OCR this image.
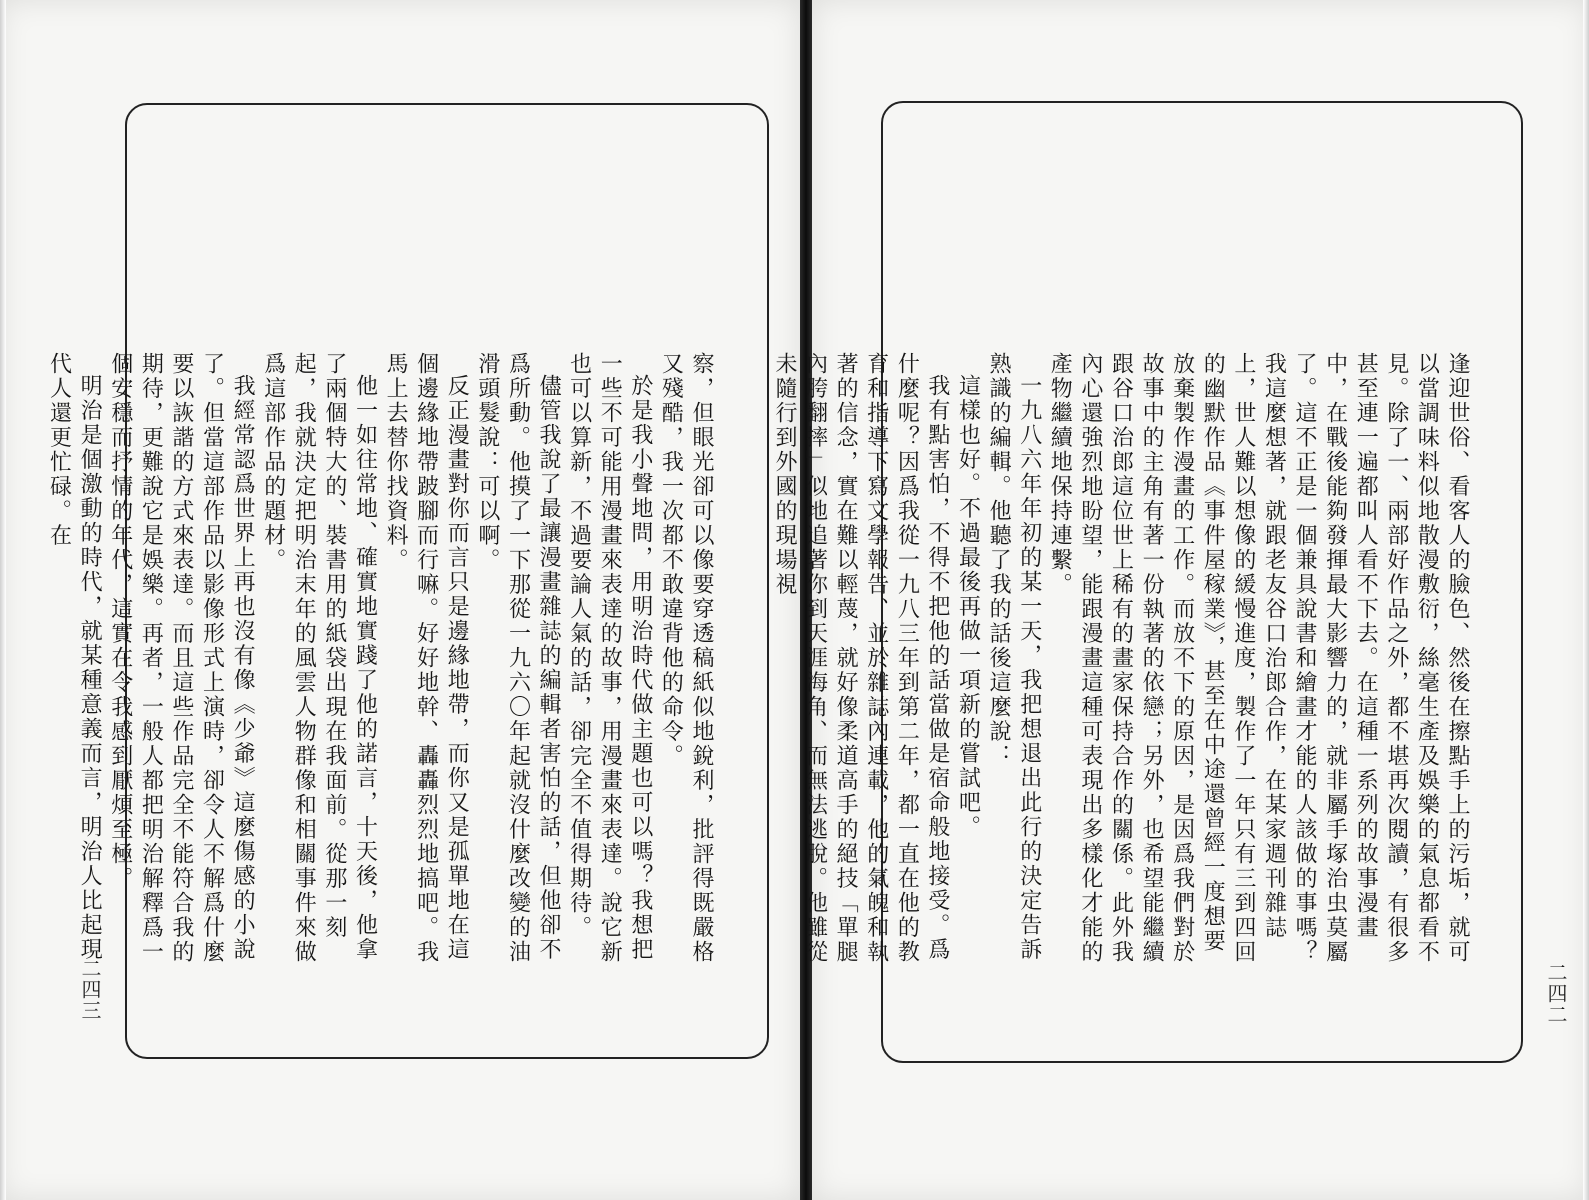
察，但眼光卻可以像要穿透稿紙似地銳利，批評得既嚴格又殘酷，我一次都不敢違背他的命令。

於是我小聲地問，用明治時代做主題也可以嗎？我想把一些不可能用漫畫來表達的故事，用漫畫來表達。說它新也可以算新，不過要論人氣的話，卻完全不值得期待。

儘管我說了最讓漫畫雜誌的編輯者害怕的話，但他卻不爲所動。他摸了一下那從一九六〇年起就沒什麼改變的油滑頭髮說：可以啊。

反正漫畫對你而言只是邊緣地帶，而你又是孤單地在這個邊緣地帶跛腳而行嘛。好好地幹、轟轟烈烈地搞吧。我馬上去替你找資料。

他一如往常地、確實地實踐了他的諾言，十天後，他拿了兩個特大的、裝書用的紙袋出現在我面前。從那一刻起，我就決定把明治末年的風雲人物群像和相關事件來做爲這部作品的題材。

我經常認爲世界上再也沒有像《少爺》這麼傷感的小說了。但當這部作品以影像形式上演時，卻令人不解爲什麼要以詼諧的方式來表達。而且這些作品完全不能符合我的期待，更難說它是娛樂。再者，一般人都把明治解釋爲一個安穩而抒情的年代，這實在令我感到厭煩至極。

明治是個激動的時代，就某種意義而言，明治人比起現代人還更忙碌。在

二四三

逢迎世俗、看客人的臉色、然後在擦點手上的污垢，就可以當調味料似地散漫敷衍，絲毫生產及娛樂的氣息都看不見。除了一、兩部好作品之外，都不堪再次閱讀，有很多甚至連一遍都叫人看不下去。在這種一系列的故事漫畫中，在戰後能夠發揮最大影響力的，就非屬手塚治虫莫屬了。這不正是一個兼具說書和繪畫才能的人該做的事嗎？我這麼想著，就跟老友谷口治郎合作，在某家週刊雜誌上，世人難以想像的緩慢進度，製作了一年只有三到四回的幽默作品《事件屋稼業》，甚至在中途還曾經一度想要放棄製作漫畫的工作。而放不下的原因，是因爲我們對於故事中的主角有著一份執著的依戀；另外，也希望能繼續跟谷口治郎這位世上稀有的畫家保持合作的關係。此外我內心還強烈地盼望，能跟漫畫這種可表現出多樣化才能的產物繼續地保持連繫。

一九八六年年初的某一天，我把想退出此行的決定告訴熟識的編輯。他聽了我的話後這麼說：

這樣也好。不過最後再做一項新的嘗試吧。

我有點害怕，不得不把他的話當做是宿命般地接受。爲什麼呢？因爲我從一九八三年到第二年，都一直在他的教育和指導下寫文學報告、並於雜誌內連載，他的氣魄和執著的信念，實在難以輕蔑，就好像柔道高手的絕技「單腿內胯翻摔」似地追著你到天涯海角、而無法逃脫。他雖從未隨行到外國的現場視

二四二
